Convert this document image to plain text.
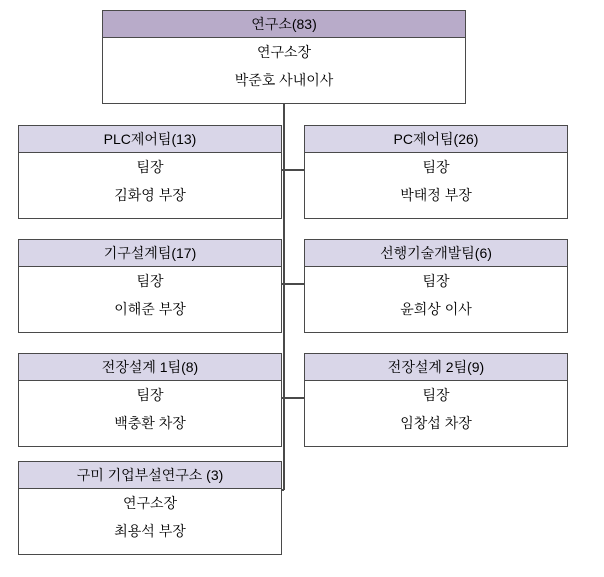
연구소(83)
연구소장
박준호 사내이사
PLC제어팀(13)
팀장
김화영 부장
PC제어팀(26)
팀장
박태정 부장
기구설계팀(17)
팀장
이해준 부장
선행기술개발팀(6)
팀장
윤희상 이사
전장설계 1팀(8)
팀장
백충환 차장
전장설계 2팀(9)
팀장
임창섭 차장
구미 기업부설연구소 (3)
연구소장
최용석 부장
